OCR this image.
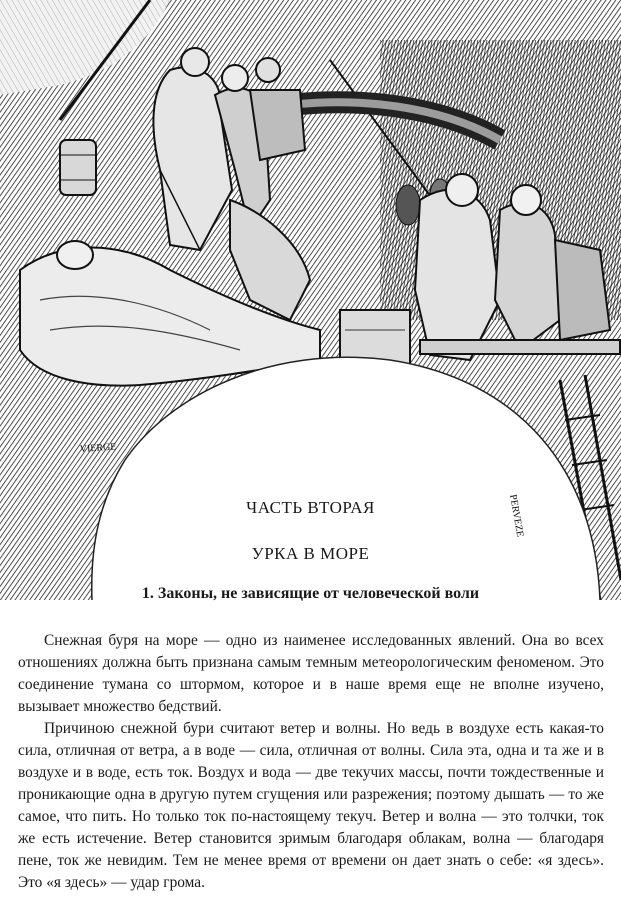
VIERGE
PERVEZE
ЧАСТЬ ВТОРАЯ
УРКА В МОРЕ
1. Законы, не зависящие от человеческой воли

Снежная буря на море — одно из наименее исследованных явлений. Она во всех отношениях должна быть признана самым темным метеорологическим феноменом. Это соединение тумана со штормом, которое и в наше время еще не вполне изучено, вызывает множество бедствий.

Причиною снежной бури считают ветер и волны. Но ведь в воздухе есть какая-то сила, отличная от ветра, а в воде — сила, отличная от волны. Сила эта, одна и та же и в воздухе и в воде, есть ток. Воздух и вода — две текучих массы, почти тождественные и проникающие одна в другую путем сгущения или разрежения; поэтому дышать — то же самое, что пить. Но только ток по-настоящему текуч. Ветер и волна — это толчки, ток же есть истечение. Ветер становится зримым благодаря облакам, волна — благодаря пене, ток же невидим. Тем не менее время от времени он дает знать о себе: «я здесь». Это «я здесь» — удар грома.
